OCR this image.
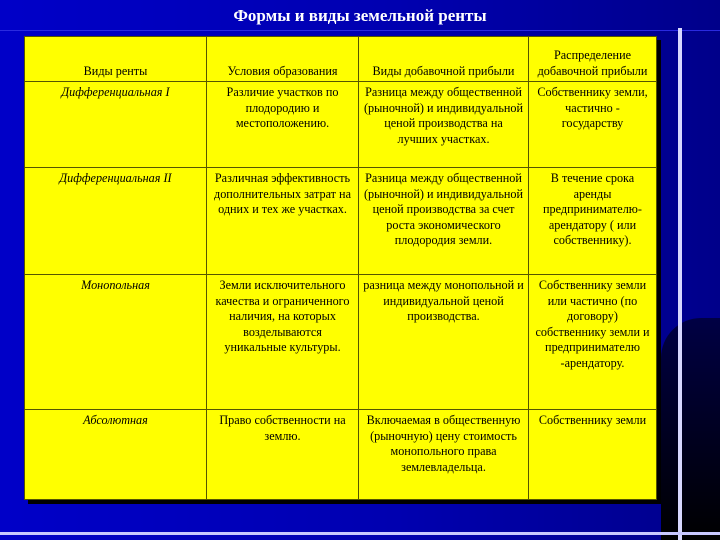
Формы и виды земельной ренты
Виды ренты	Условия образования	Виды добавочной прибыли	Распределение добавочной прибыли
Дифференциальная I	Различие участков по плодородию и местоположению.	Разница между общественной (рыночной) и индивидуальной ценой производства на лучших участках.	Собственнику земли, частично - государству
Дифференциальная II	Различная эффективность дополнительных затрат на одних и тех же участках.	Разница между общественной (рыночной) и индивидуальной ценой производства за счет роста экономического плодородия земли.	В течение срока аренды предпринимателю-арендатору ( или собственнику).
Монопольная	Земли исключительного качества и ограниченного наличия, на которых возделываются уникальные культуры.	разница между монопольной и индивидуальной ценой производства.	Собственнику земли или частично (по договору) собственнику земли и предпринимателю -арендатору.
Абсолютная	Право собственности на землю.	Включаемая в общественную (рыночную) цену стоимость монопольного права землевладельца.	Собственнику земли
